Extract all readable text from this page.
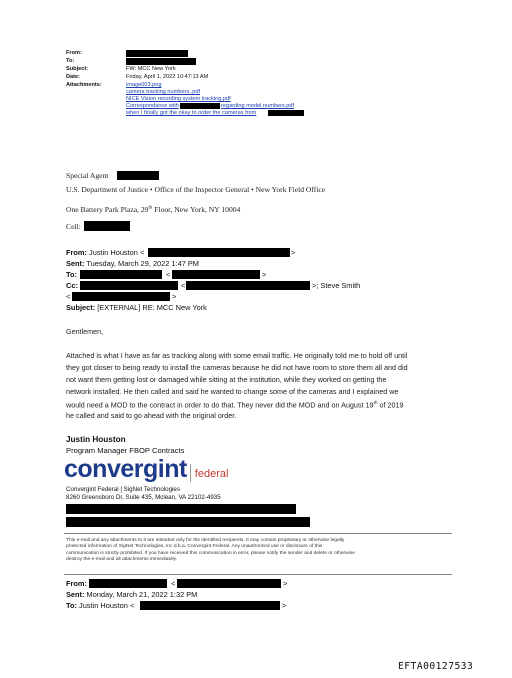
From:
To:
Subject:	FW: MCC New York
Date:	Friday, April 1, 2022 10:47:13 AM
Attachments:	image003.png
camera tracking numbers..pdf
NICE Vision recording system tracking.pdf
Correspondance with	regarding model numbers.pdf
when I finally got the okay to order the cameras from
Special Agent
U.S. Department of Justice • Office of the Inspector General • New York Field Office
One Battery Park Plaza, 29th Floor, New York, NY 10004
Cell:
From: Justin Houston <	>
Sent: Tuesday, March 29, 2022 1:47 PM
To:	<	>
Cc:	<	>; Steve Smith
<	>
Subject: [EXTERNAL] RE: MCC New York
Gentlemen,
Attached is what I have as far as tracking along with some email traffic. He originally told me to hold off until
they got closer to being ready to install the cameras because he did not have room to store them all and did
not want them getting lost or damaged while sitting at the institution, while they worked on getting the
network installed. He then called and said he wanted to change some of the cameras and I explained we
would need a MOD to the contract in order to do that. They never did the MOD and on August 19th of 2019
he called and said to go ahead with the original order.
Justin Houston
Program Manager FBOP Contracts
convergint federal
Convergint Federal | SigNet Technologies
8260 Greensboro Dr, Suite 435, Mclean, VA 22102-4935
This e-mail and any attachments to it are intended only for the identified recipients. It may contain proprietary or otherwise legally
protected information of SigNet Technologies, Inc d.b.a. Convergint Federal. Any unauthorized use or disclosure of this
communication is strictly prohibited. If you have received this communication in error, please notify the sender and delete or otherwise
destroy the e-mail and all attachments immediately.
From:	<	>
Sent: Monday, March 21, 2022 1:32 PM
To: Justin Houston <	>
EFTA00127533
